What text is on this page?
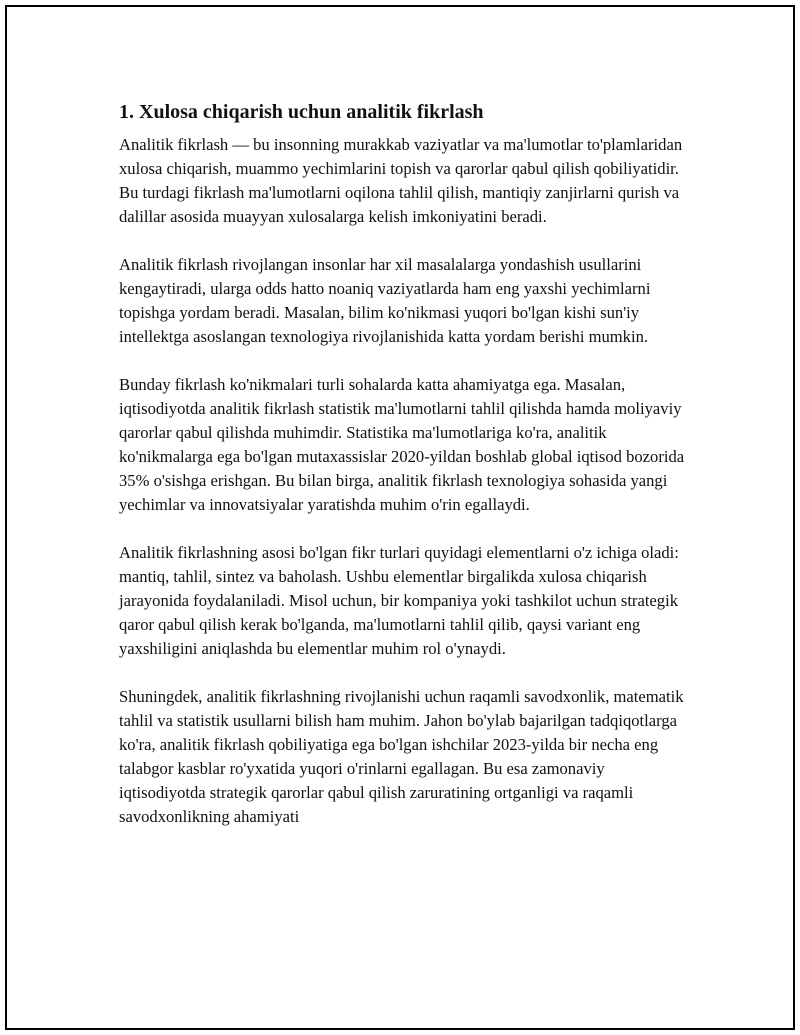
1. Xulosa chiqarish uchun analitik fikrlash

Analitik fikrlash — bu insonning murakkab vaziyatlar va ma'lumotlar to'plamlaridan xulosa chiqarish, muammo yechimlarini topish va qarorlar qabul qilish qobiliyatidir. Bu turdagi fikrlash ma'lumotlarni oqilona tahlil qilish, mantiqiy zanjirlarni qurish va dalillar asosida muayyan xulosalarga kelish imkoniyatini beradi.

Analitik fikrlash rivojlangan insonlar har xil masalalarga yondashish usullarini kengaytiradi, ularga odds hatto noaniq vaziyatlarda ham eng yaxshi yechimlarni topishga yordam beradi. Masalan, bilim ko'nikmasi yuqori bo'lgan kishi sun'iy intellektga asoslangan texnologiya rivojlanishida katta yordam berishi mumkin.

Bunday fikrlash ko'nikmalari turli sohalarda katta ahamiyatga ega. Masalan, iqtisodiyotda analitik fikrlash statistik ma'lumotlarni tahlil qilishda hamda moliyaviy qarorlar qabul qilishda muhimdir. Statistika ma'lumotlariga ko'ra, analitik ko'nikmalarga ega bo'lgan mutaxassislar 2020-yildan boshlab global iqtisod bozorida 35% o'sishga erishgan. Bu bilan birga, analitik fikrlash texnologiya sohasida yangi yechimlar va innovatsiyalar yaratishda muhim o'rin egallaydi.

Analitik fikrlashning asosi bo'lgan fikr turlari quyidagi elementlarni o'z ichiga oladi: mantiq, tahlil, sintez va baholash. Ushbu elementlar birgalikda xulosa chiqarish jarayonida foydalaniladi. Misol uchun, bir kompaniya yoki tashkilot uchun strategik qaror qabul qilish kerak bo'lganda, ma'lumotlarni tahlil qilib, qaysi variant eng yaxshiligini aniqlashda bu elementlar muhim rol o'ynaydi.

Shuningdek, analitik fikrlashning rivojlanishi uchun raqamli savodxonlik, matematik tahlil va statistik usullarni bilish ham muhim. Jahon bo'ylab bajarilgan tadqiqotlarga ko'ra, analitik fikrlash qobiliyatiga ega bo'lgan ishchilar 2023-yilda bir necha eng talabgor kasblar ro'yxatida yuqori o'rinlarni egallagan. Bu esa zamonaviy iqtisodiyotda strategik qarorlar qabul qilish zaruratining ortganligi va raqamli savodxonlikning ahamiyati
